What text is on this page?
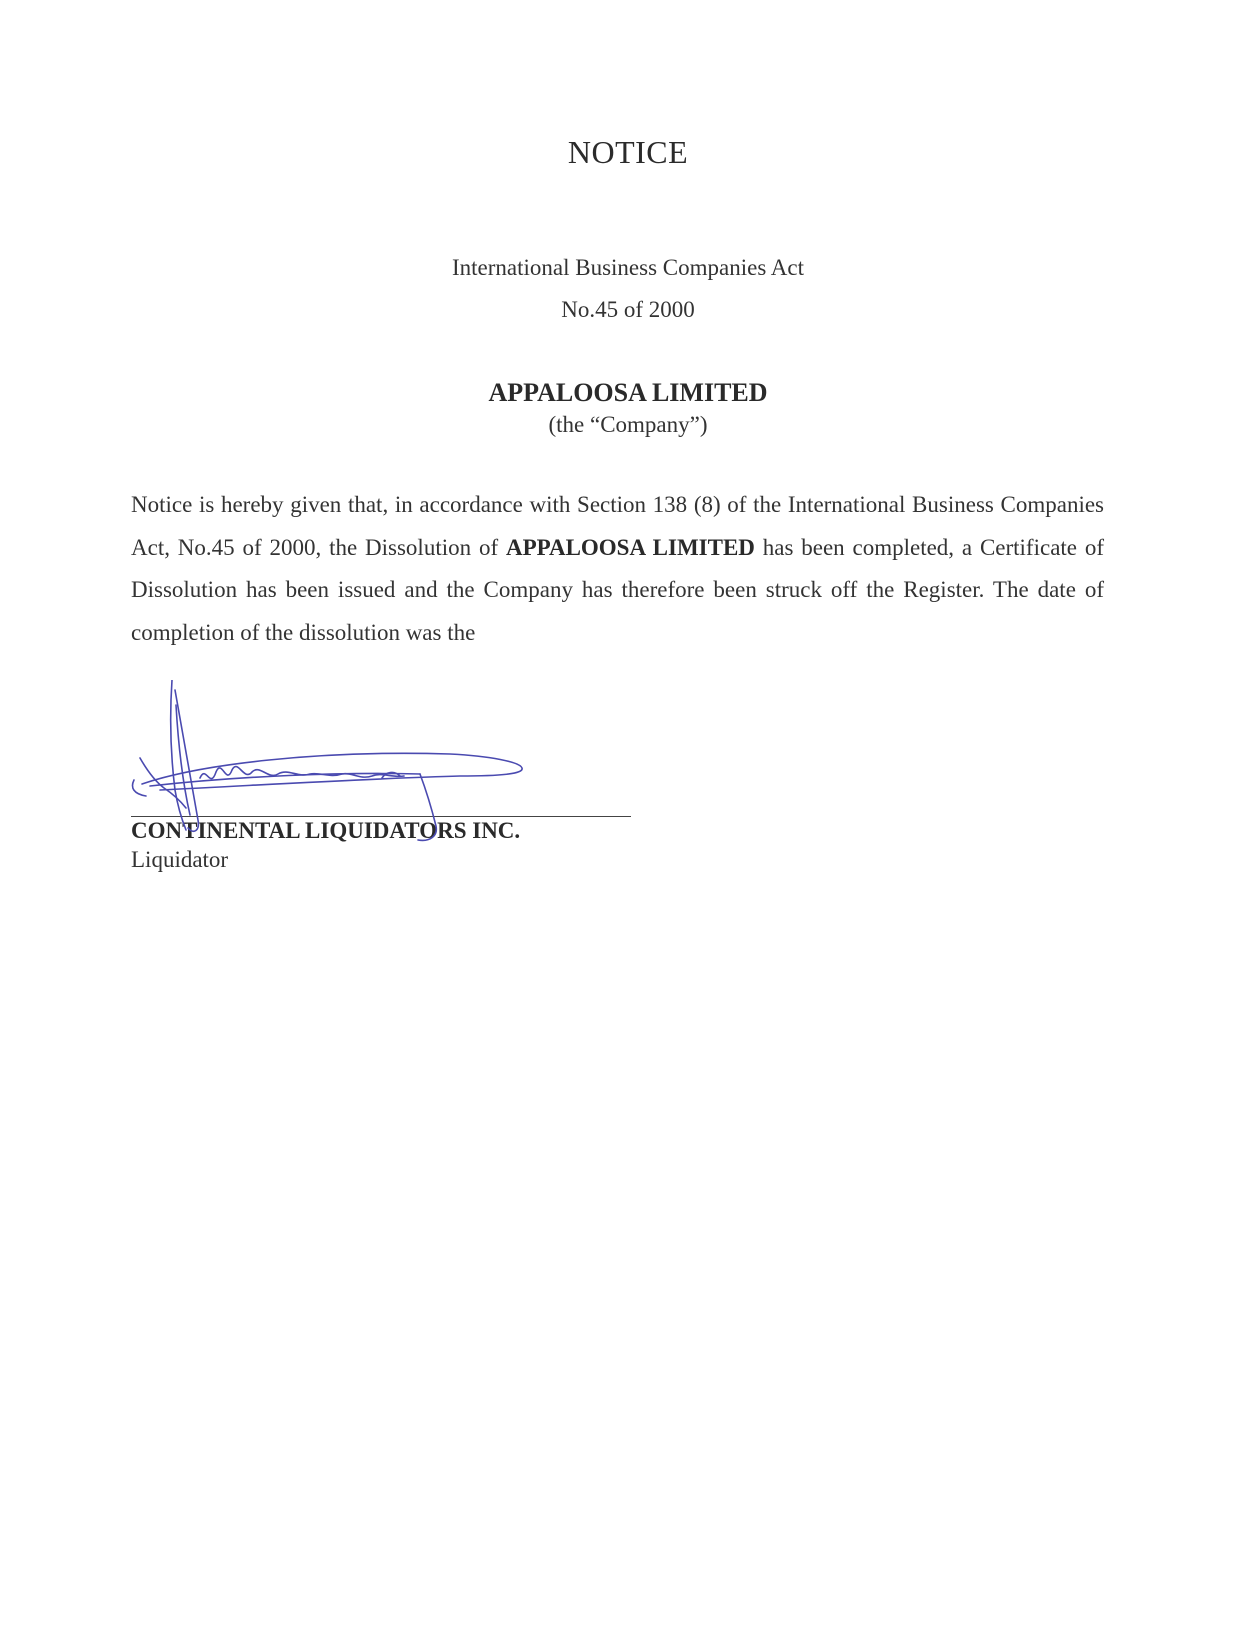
NOTICE
International Business Companies Act
No.45 of 2000
APPALOOSA LIMITED
(the “Company”)
Notice is hereby given that, in accordance with Section 138 (8) of the International Business Companies Act, No.45 of 2000, the Dissolution of APPALOOSA LIMITED has been completed, a Certificate of Dissolution has been issued and the Company has therefore been struck off the Register. The date of completion of the dissolution was the
CONTINENTAL LIQUIDATORS INC.
Liquidator
